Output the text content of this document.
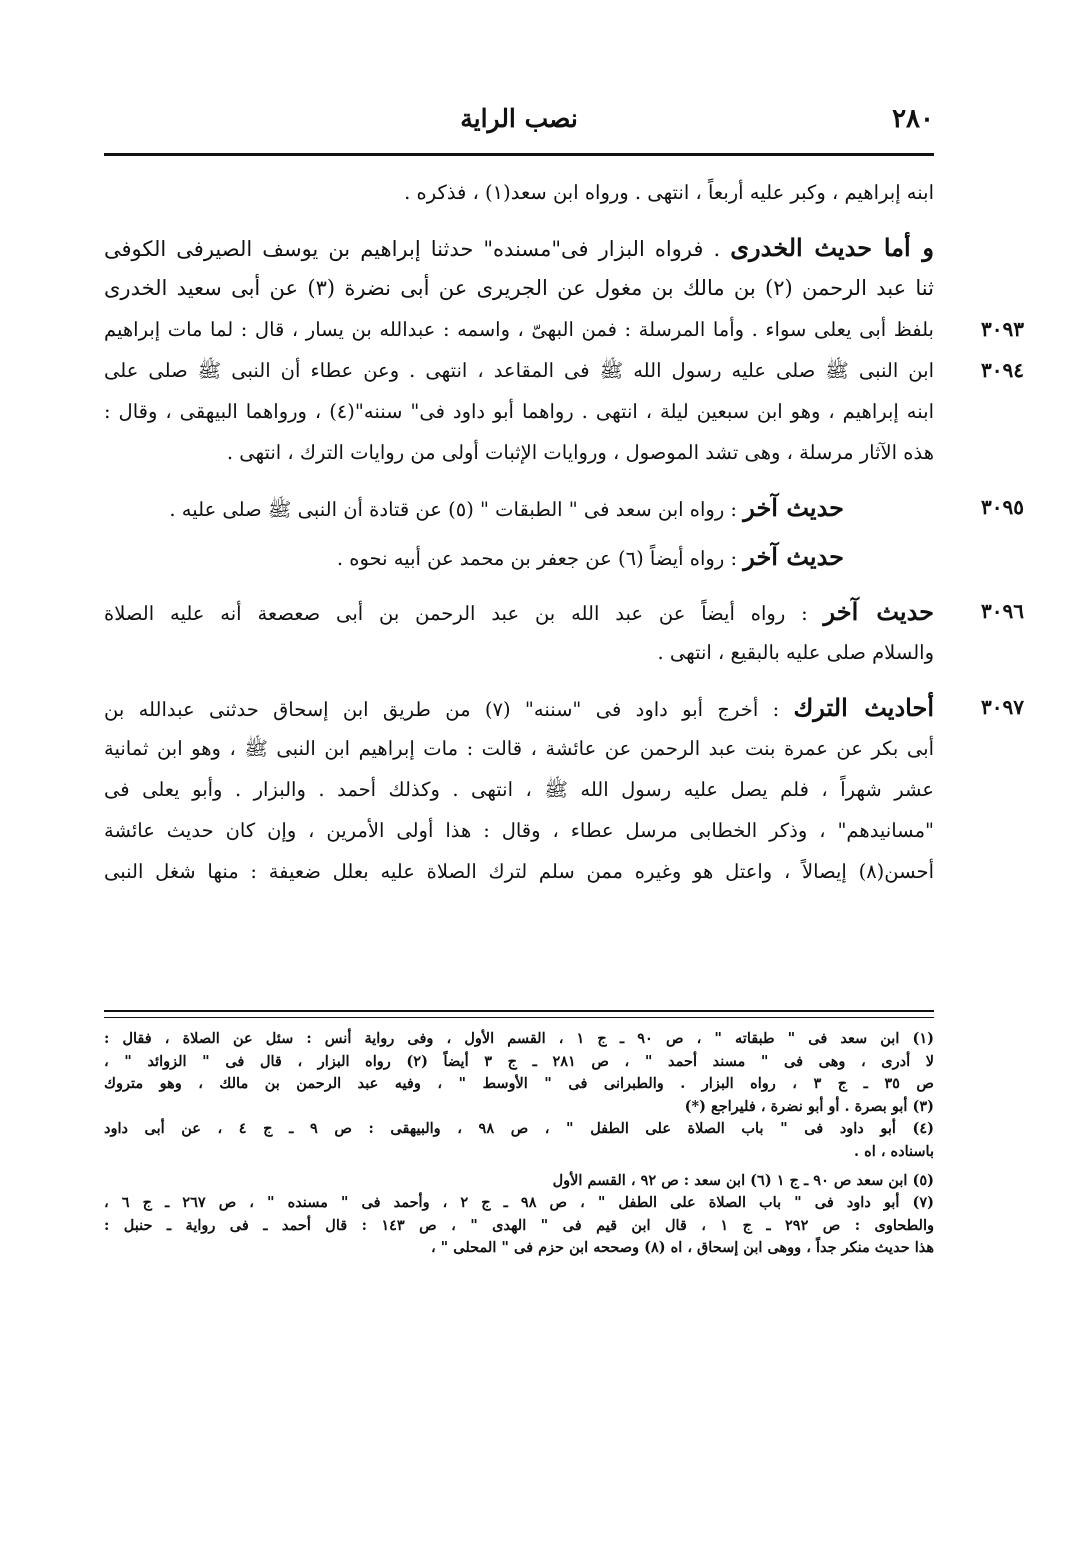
٢٨٠
نصب الراية
ابنه إبراهيم ، وكبر عليه أربعاً ، انتهى . ورواه ابن سعد(١) ، فذكره .
و أما حديث الخدرى . فرواه البزار فى"مسنده" حدثنا إبراهيم بن يوسف الصيرفى الكوفى
ثنا عبد الرحمن (٢) بن مالك بن مغول عن الجريرى عن أبى نضرة (٣) عن أبى سعيد الخدرى
٣٠٩٣
بلفظ أبى يعلى سواء . وأما المرسلة : فمن البهىّ ، واسمه : عبدالله بن يسار ، قال : لما مات إبراهيم
٣٠٩٤
ابن النبى ﷺ صلى عليه رسول الله ﷺ فى المقاعد ، انتهى . وعن عطاء أن النبى ﷺ صلى على
ابنه إبراهيم ، وهو ابن سبعين ليلة ، انتهى . رواهما أبو داود فى" سننه"(٤) ، ورواهما البيهقى ، وقال :
هذه الآثار مرسلة ، وهى تشد الموصول ، وروايات الإثبات أولى من روايات الترك ، انتهى .
٣٠٩٥
حديث آخر : رواه ابن سعد فى " الطبقات " (٥) عن قتادة أن النبى ﷺ صلى عليه .
حديث آخر : رواه أيضاً (٦) عن جعفر بن محمد عن أبيه نحوه .
٣٠٩٦
حديث آخر : رواه أيضاً عن عبد الله بن عبد الرحمن بن أبى صعصعة أنه عليه الصلاة
والسلام صلى عليه بالبقيع ، انتهى .
٣٠٩٧
أحاديث الترك : أخرج أبو داود فى "سننه" (٧) من طريق ابن إسحاق حدثنى عبدالله بن
أبى بكر عن عمرة بنت عبد الرحمن عن عائشة ، قالت : مات إبراهيم ابن النبى ﷺ ، وهو ابن ثمانية
عشر شهراً ، فلم يصل عليه رسول الله ﷺ ، انتهى . وكذلك أحمد . والبزار . وأبو يعلى فى
"مسانيدهم" ، وذكر الخطابى مرسل عطاء ، وقال : هذا أولى الأمرين ، وإن كان حديث عائشة
أحسن(٨) إيصالاً ، واعتل هو وغيره ممن سلم لترك الصلاة عليه بعلل ضعيفة : منها شغل النبى
(١) ابن سعد فى " طبقاته " ، ص ٩٠ ـ ج ١ ، القسم الأول ، وفى رواية أنس : سئل عن الصلاة ، فقال :
لا أدرى ، وهى فى " مسند أحمد " ، ص ٢٨١ ـ ج ٣ أيضاً (٢) رواه البزار ، قال فى " الزوائد " ،
ص ٣٥ ـ ج ٣ ، رواه البزار . والطبرانى فى " الأوسط " ، وفيه عبد الرحمن بن مالك ، وهو متروك
(٣) أبو بصرة . أو أبو نضرة ، فليراجع (*)
(٤) أبو داود فى " باب الصلاة على الطفل " ، ص ٩٨ ، والبيهقى : ص ٩ ـ ج ٤ ، عن أبى داود
باسناده ، اه .
(٥) ابن سعد ص ٩٠ ـ ج ١ (٦) ابن سعد : ص ٩٢ ، القسم الأول
(٧) أبو داود فى " باب الصلاة على الطفل " ، ص ٩٨ ـ ج ٢ ، وأحمد فى " مسنده " ، ص ٢٦٧ ـ ج ٦ ،
والطحاوى : ص ٢٩٢ ـ ج ١ ، قال ابن قيم فى " الهدى " ، ص ١٤٣ : قال أحمد ـ فى رواية ـ حنبل :
هذا حديث منكر جداً ، ووهى ابن إسحاق ، اه (٨) وصححه ابن حزم فى " المحلى " ،
